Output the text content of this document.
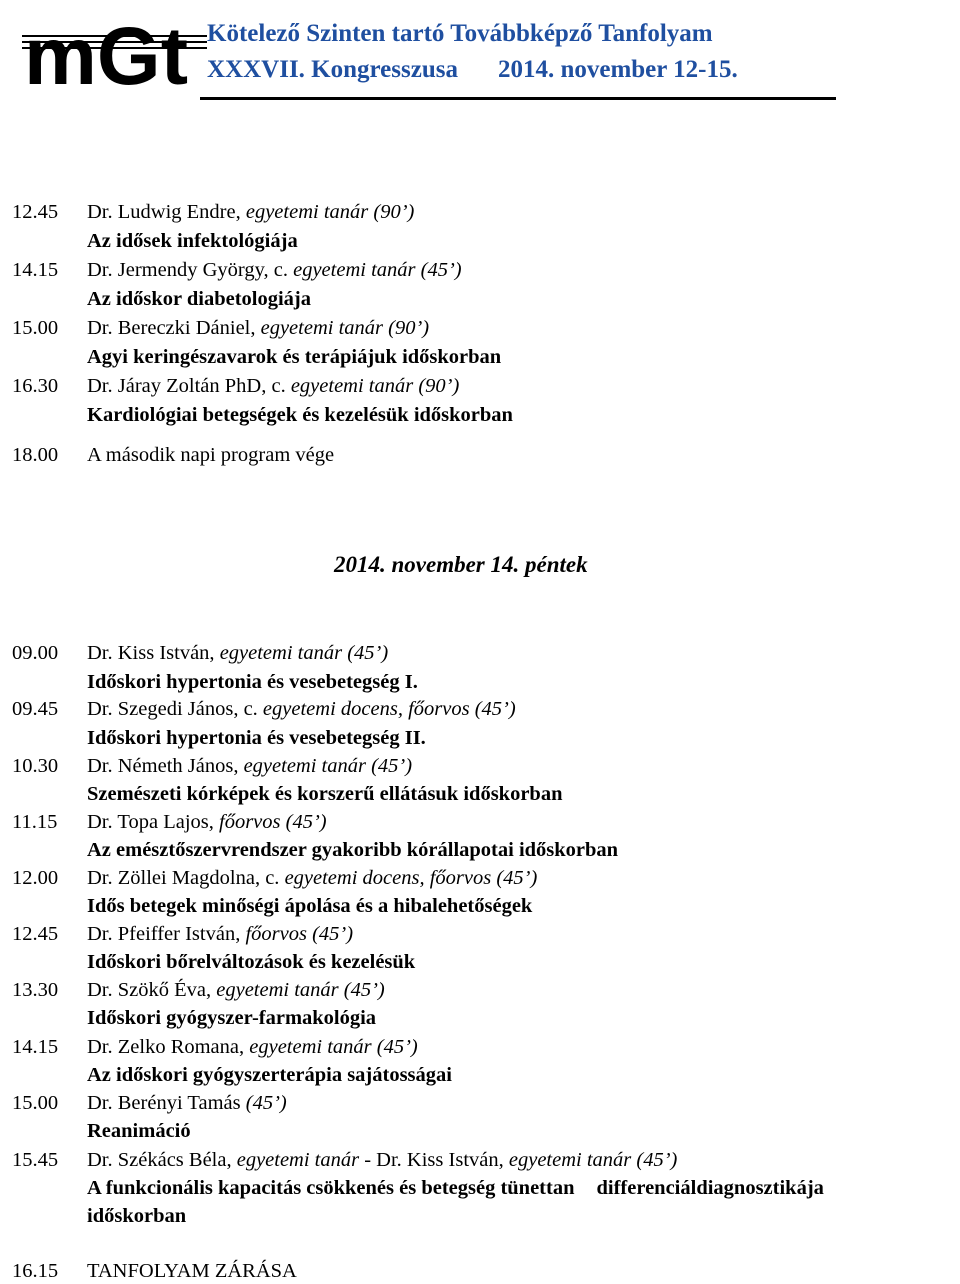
mGt Kötelező Szinten tartó Továbbképző Tanfolyam
XXXVII. Kongresszusa 2014. november 12-15.
12.45 Dr. Ludwig Endre, egyetemi tanár (90’)
Az idősek infektológiája
14.15 Dr. Jermendy György, c. egyetemi tanár (45’)
Az időskor diabetologiája
15.00 Dr. Bereczki Dániel, egyetemi tanár (90’)
Agyi keringészavarok és terápiájuk időskorban
16.30 Dr. Járay Zoltán PhD, c. egyetemi tanár (90’)
Kardiológiai betegségek és kezelésük időskorban
18.00 A második napi program vége
2014. november 14. péntek
09.00 Dr. Kiss István, egyetemi tanár (45’)
Időskori hypertonia és vesebetegség I.
09.45 Dr. Szegedi János, c. egyetemi docens, főorvos (45’)
Időskori hypertonia és vesebetegség II.
10.30 Dr. Németh János, egyetemi tanár (45’)
Szemészeti kórképek és korszerű ellátásuk időskorban
11.15 Dr. Topa Lajos, főorvos (45’)
Az emésztőszervrendszer gyakoribb kórállapotai időskorban
12.00 Dr. Zöllei Magdolna, c. egyetemi docens, főorvos (45’)
Idős betegek minőségi ápolása és a hibalehetőségek
12.45 Dr. Pfeiffer István, főorvos (45’)
Időskori bőrelváltozások és kezelésük
13.30 Dr. Szökő Éva, egyetemi tanár (45’)
Időskori gyógyszer-farmakológia
14.15 Dr. Zelko Romana, egyetemi tanár (45’)
Az időskori gyógyszerterápia sajátosságai
15.00 Dr. Berényi Tamás (45’)
Reanimáció
15.45 Dr. Székács Béla, egyetemi tanár - Dr. Kiss István, egyetemi tanár (45’)
A funkcionális kapacitás csökkenés és betegség tünettan differenciáldiagnosztikája
időskorban
16.15 TANFOLYAM ZÁRÁSA
